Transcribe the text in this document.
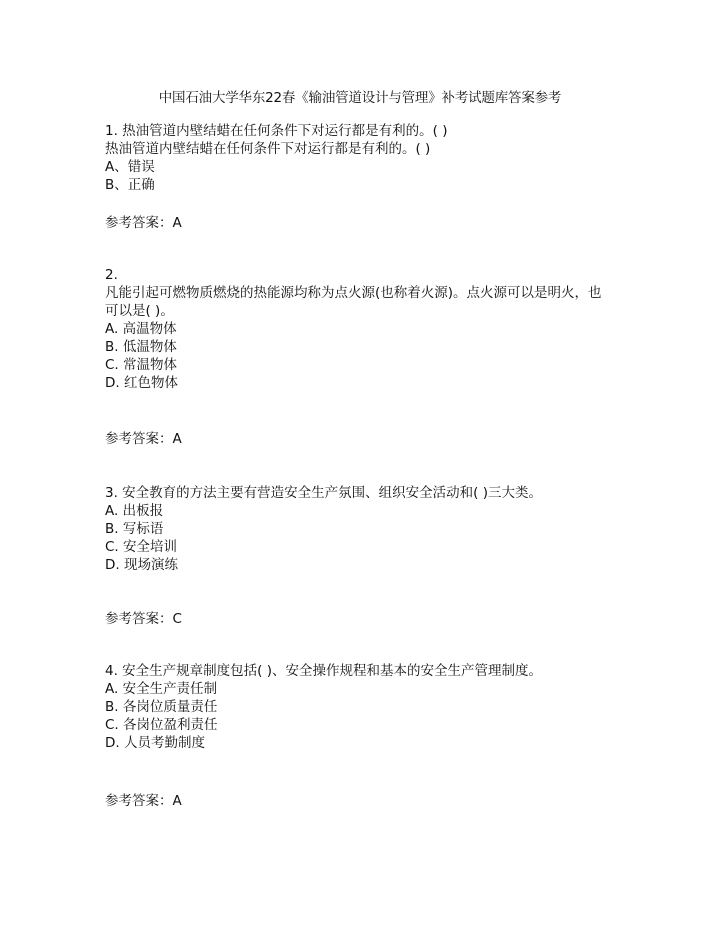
中国石油大学华东22春《输油管道设计与管理》补考试题库答案参考
1. 热油管道内壁结蜡在任何条件下对运行都是有利的。( )
热油管道内壁结蜡在任何条件下对运行都是有利的。( )
A、错误
B、正确
参考答案：A
2.
凡能引起可燃物质燃烧的热能源均称为点火源(也称着火源)。点火源可以是明火，也可以是( )。
A. 高温物体
B. 低温物体
C. 常温物体
D. 红色物体
参考答案：A
3. 安全教育的方法主要有营造安全生产氛围、组织安全活动和( )三大类。
A. 出板报
B. 写标语
C. 安全培训
D. 现场演练
参考答案：C
4. 安全生产规章制度包括( )、安全操作规程和基本的安全生产管理制度。
A. 安全生产责任制
B. 各岗位质量责任
C. 各岗位盈利责任
D. 人员考勤制度
参考答案：A
